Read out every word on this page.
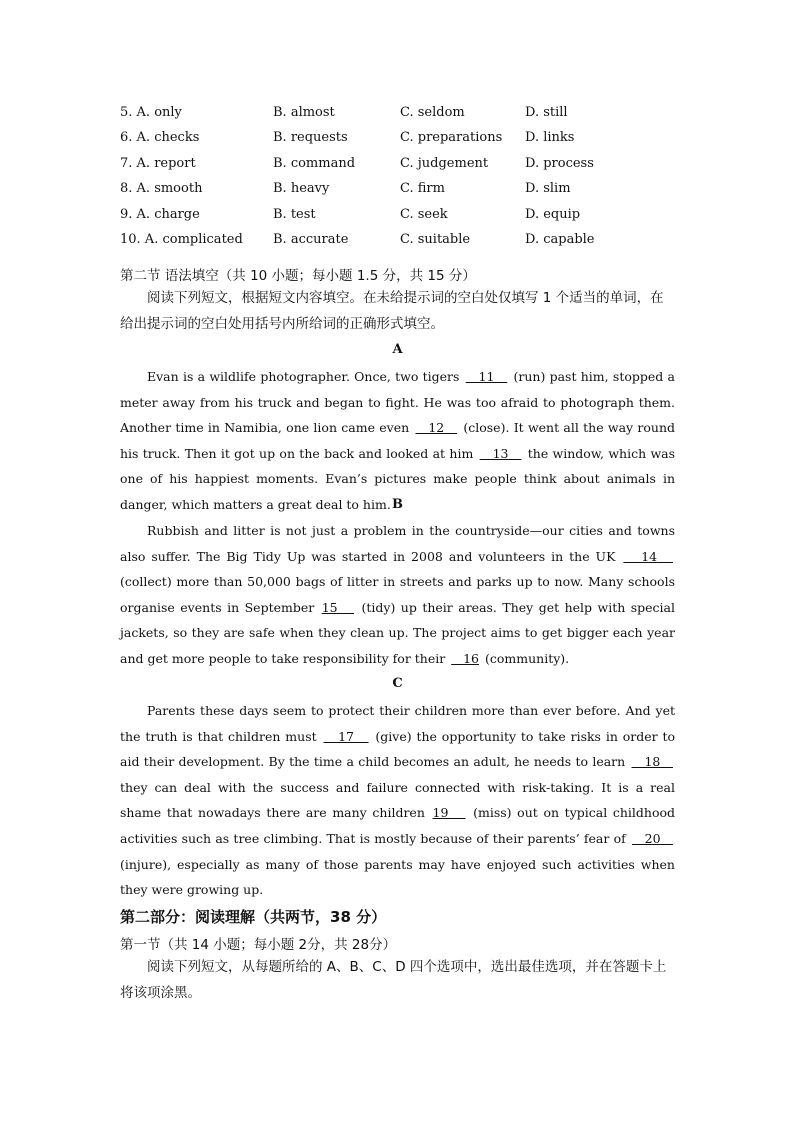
5. A. only	B. almost	C. seldom	D. still
6. A. checks	B. requests	C. preparations D. links
7. A. report	B. command	C. judgement	D. process
8. A. smooth	B. heavy	C. firm	D. slim
9. A. charge	B. test	C. seek	D. equip
10. A. complicated B. accurate	C. suitable	D. capable
第二节 语法填空（共 10 小题；每小题 1.5 分，共 15 分）
阅读下列短文，根据短文内容填空。在未给提示词的空白处仅填写 1 个适当的单词，在给出提示词的空白处用括号内所给词的正确形式填空。
A
Evan is a wildlife photographer. Once, two tigers    11    (run) past him, stopped a meter away from his truck and began to fight. He was too afraid to photograph them. Another time in Namibia, one lion came even    12    (close). It went all the way round his truck. Then it got up on the back and looked at him    13    the window, which was one of his happiest moments. Evan’s pictures make people think about animals in danger, which matters a great deal to him. B
Rubbish and litter is not just a problem in the countryside—our cities and towns also suffer. The Big Tidy Up was started in 2008 and volunteers in the UK    14    (collect) more than 50,000 bags of litter in streets and parks up to now. Many schools organise events in September 15    (tidy) up their areas. They get help with special jackets, so they are safe when they clean up. The project aims to get bigger each year and get more people to take responsibility for their    16 (community).
C
Parents these days seem to protect their children more than ever before. And yet the truth is that children must    17    (give) the opportunity to take risks in order to aid their development. By the time a child becomes an adult, he needs to learn    18    they can deal with the success and failure connected with risk-taking. It is a real shame that nowadays there are many children 19    (miss) out on typical childhood activities such as tree climbing. That is mostly because of their parents’ fear of    20    (injure), especially as many of those parents may have enjoyed such activities when they were growing up.
第二部分：阅读理解（共两节，38 分）
第一节（共 14 小题；每小题 2分，共 28分）
阅读下列短文，从每题所给的 A、B、C、D 四个选项中，选出最佳选项，并在答题卡上将该项涂黑。
